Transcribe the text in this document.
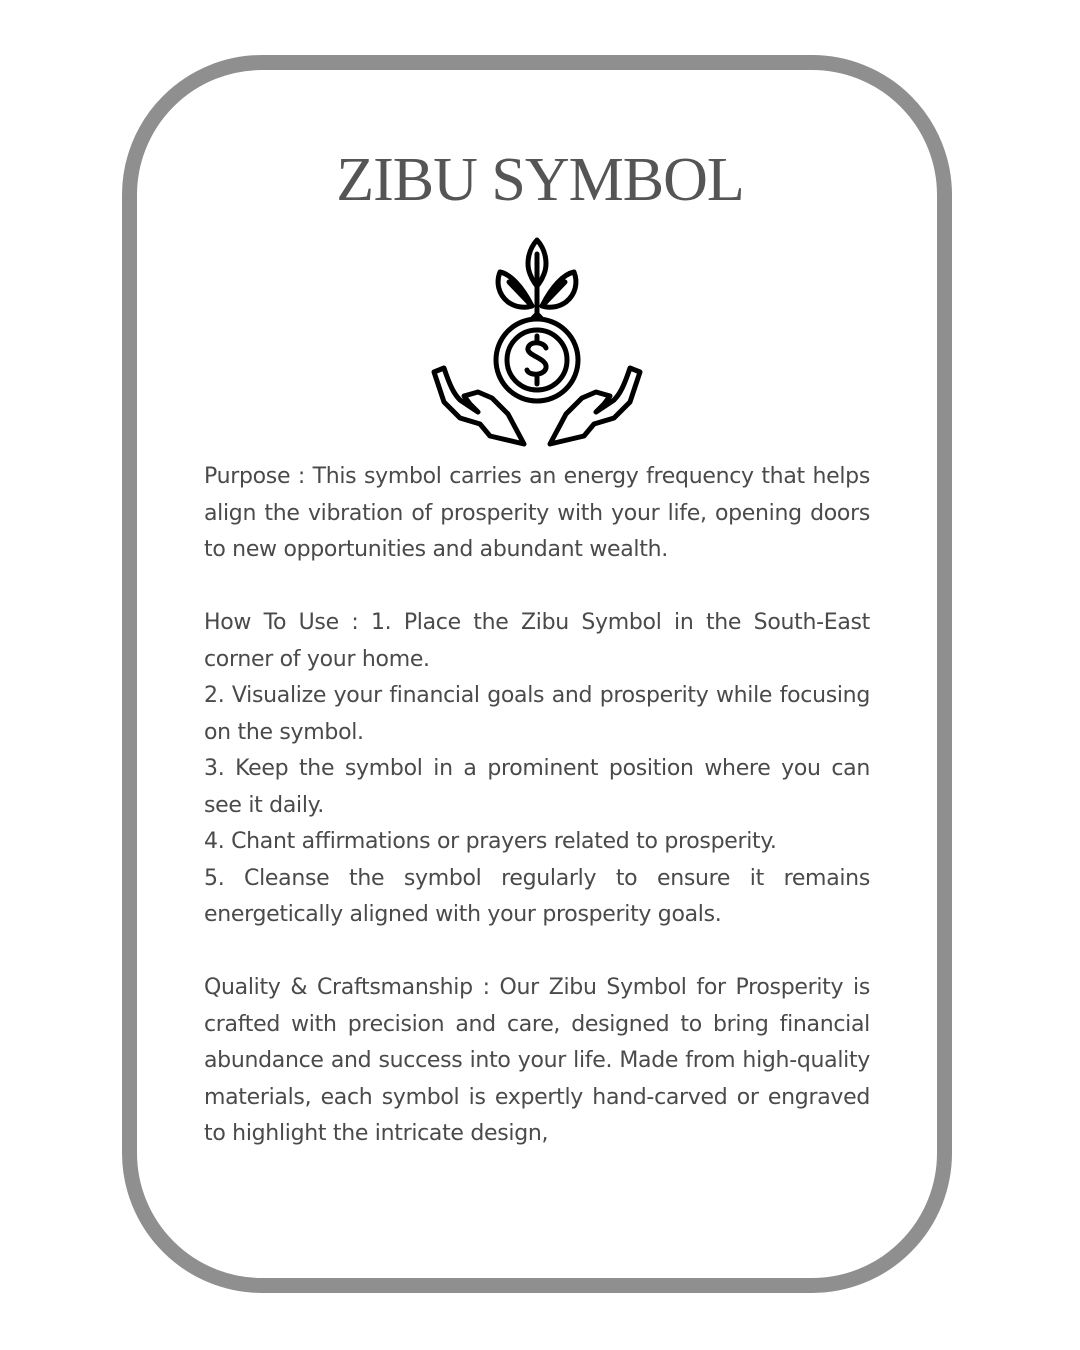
ZIBU SYMBOL

Purpose : This symbol carries an energy frequency that helps align the vibration of prosperity with your life, opening doors to new opportunities and abundant wealth.

How To Use : 1. Place the Zibu Symbol in the South-East corner of your home.

2. Visualize your financial goals and prosperity while focusing on the symbol.

3. Keep the symbol in a prominent position where you can see it daily.

4. Chant affirmations or prayers related to prosperity.

5. Cleanse the symbol regularly to ensure it remains energetically aligned with your prosperity goals.

Quality & Craftsmanship : Our Zibu Symbol for Prosperity is crafted with precision and care, designed to bring financial abundance and success into your life. Made from high-quality materials, each symbol is expertly hand-carved or engraved to highlight the intricate design,
